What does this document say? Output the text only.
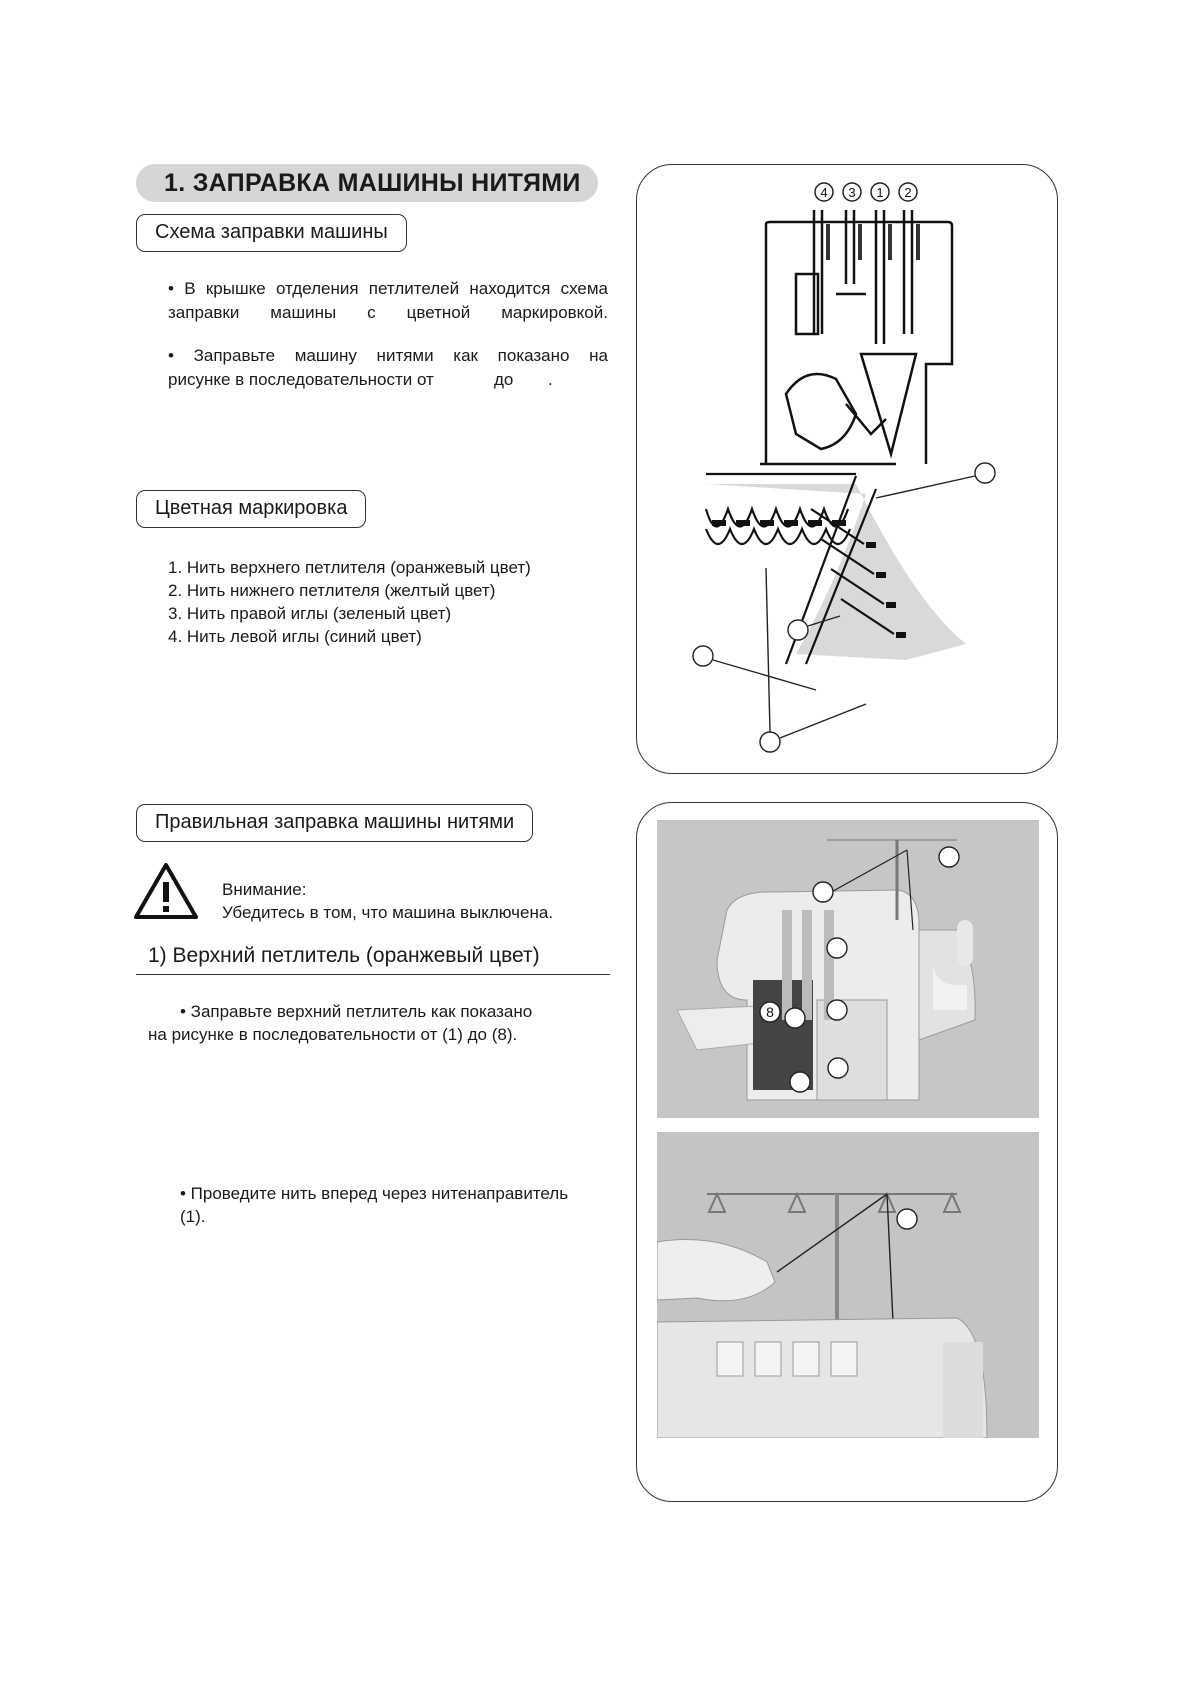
1. ЗАПРАВКА МАШИНЫ НИТЯМИ
Схема заправки машины
• В крышке отделения петлителей находится схема заправки машины с цветной маркировкой.
• Заправьте машину нитями как показано на
рисунке в последовательности от	до .
Цветная маркировка
1. Нить верхнего петлителя (оранжевый цвет)
2. Нить нижнего петлителя (желтый цвет)
3. Нить правой иглы (зеленый цвет)
4. Нить левой иглы (синий цвет)
Правильная заправка машины нитями
Внимание:
Убедитесь в том, что машина выключена.
1) Верхний петлитель (оранжевый цвет)
• Заправьте верхний петлитель как показано
на рисунке в последовательности от (1) до (8).
• Проведите нить вперед через нитенаправитель
(1).
4 3 1 2
8
